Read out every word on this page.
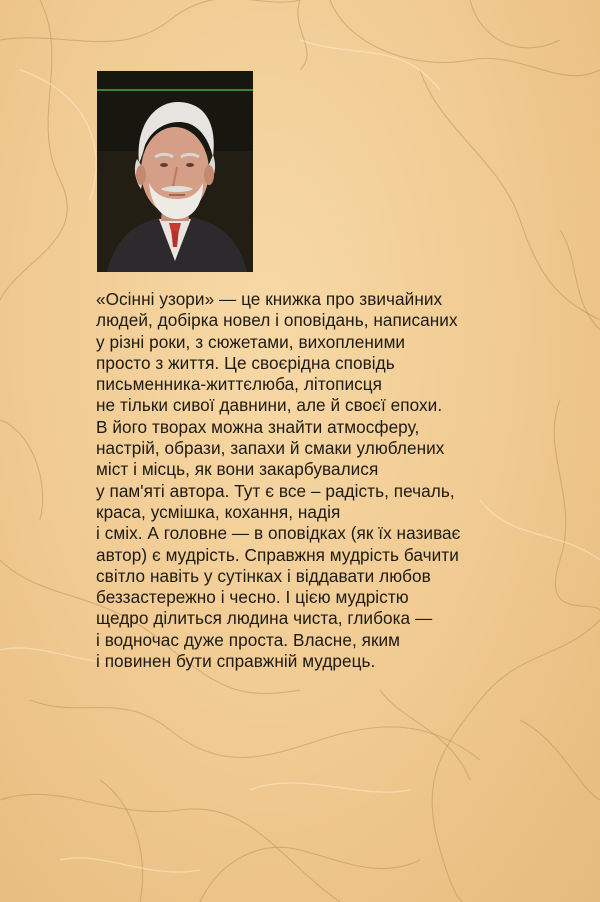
«Осінні узори» — це книжка про звичайних
людей, добірка новел і оповідань, написаних
у різні роки, з сюжетами, вихопленими
просто з життя. Це своєрідна сповідь
письменника-життєлюба, літописця
не тільки сивої давнини, але й своєї епохи.
В його творах можна знайти атмосферу,
настрій, образи, запахи й смаки улюблених
міст і місць, як вони закарбувалися
у пам'яті автора. Тут є все – радість, печаль,
краса, усмішка, кохання, надія
і сміх. А головне — в оповідках (як їх називає
автор) є мудрість. Справжня мудрість бачити
світло навіть у сутінках і віддавати любов
беззастережно і чесно. І цією мудрістю
щедро ділиться людина чиста, глибока —
і водночас дуже проста. Власне, яким
і повинен бути справжній мудрець.
